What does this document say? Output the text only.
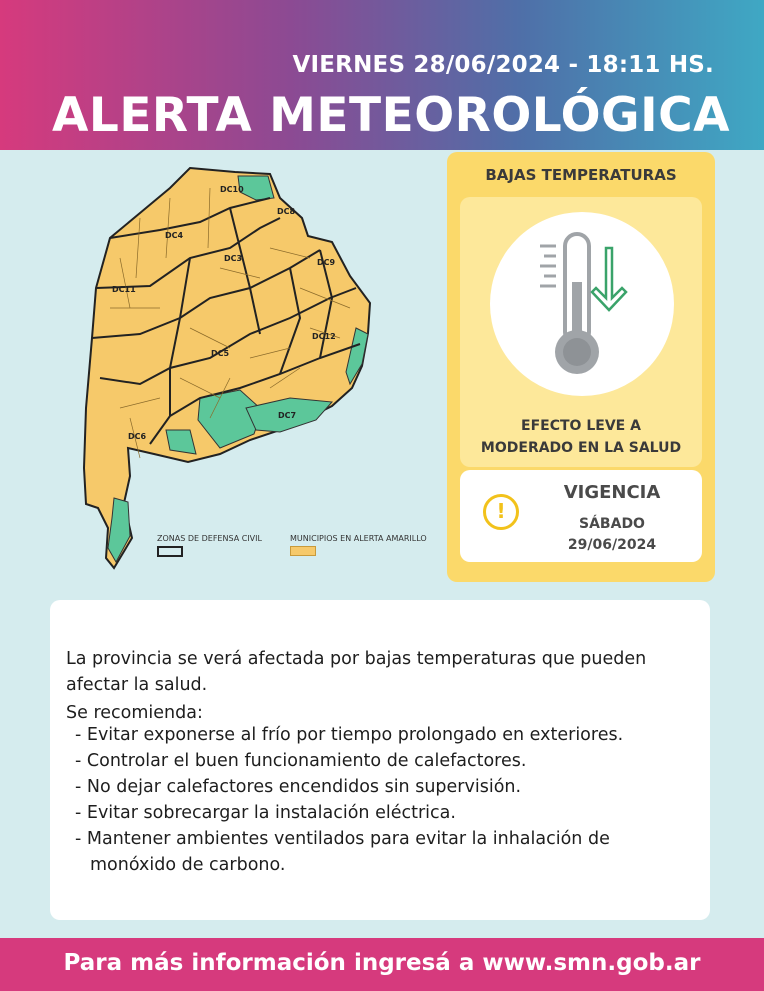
VIERNES 28/06/2024 - 18:11 HS.
ALERTA METEOROLÓGICA
DC10
DC8
DC4
DC3	DC9
DC11
DC12
DC5
DC7
DC6
ZONAS DE DEFENSA CIVIL	MUNICIPIOS EN ALERTA AMARILLO
BAJAS TEMPERATURAS
EFECTO LEVE A
MODERADO EN LA SALUD
!
VIGENCIA
SÁBADO
29/06/2024

La provincia se verá afectada por bajas temperaturas que pueden afectar la salud.

Se recomienda:

- Evitar exponerse al frío por tiempo prolongado en exteriores.
- Controlar el buen funcionamiento de calefactores.
- No dejar calefactores encendidos sin supervisión.
- Evitar sobrecargar la instalación eléctrica.
- Mantener ambientes ventilados para evitar la inhalación de monóxido de carbono.
Para más información ingresá a www.smn.gob.ar
